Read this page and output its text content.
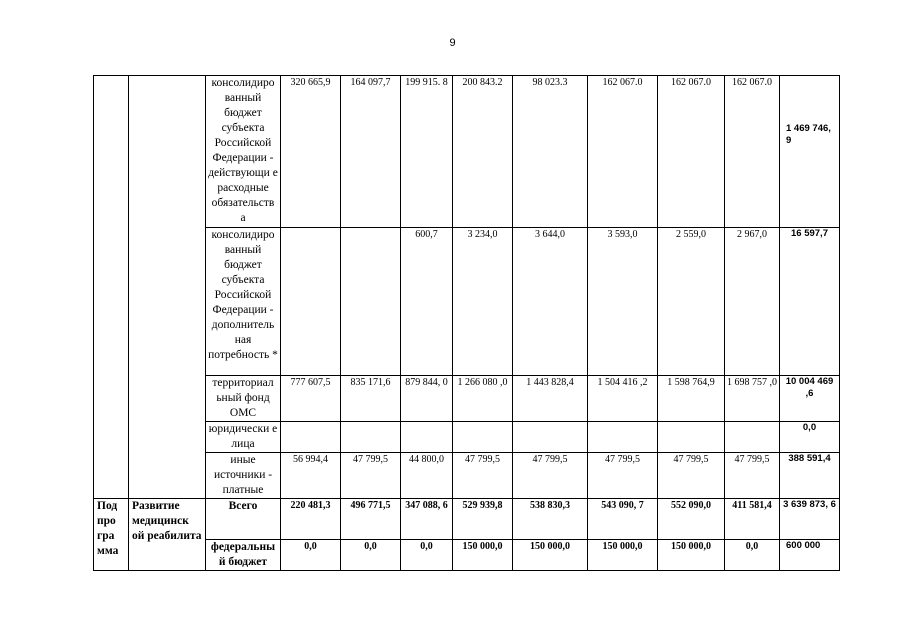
9
		консолидиро ванный бюджет субъекта Российской Федерации - действующи е расходные обязательств а	320 665,9	164 097,7	199 915. 8	200 843.2	98 023.3	162 067.0	162 067.0	162 067.0	1 469 746, 9
		консолидиро ванный бюджет субъекта Российской Федерации - дополнитель ная потребность *			600,7	3 234,0	3 644,0	3 593,0	2 559,0	2 967,0	16 597,7
		территориал ьный фонд ОМС	777 607,5	835 171,6	879 844, 0	1 266 080 ,0	1 443 828,4	1 504 416 ,2	1 598 764,9	1 698 757 ,0	10 004 469 ,6
		юридически е лица									0,0
		иные источники - платные	56 994,4	47 799,5	44 800,0	47 799,5	47 799,5	47 799,5	47 799,5	47 799,5	388 591,4
Под про гра мма	Развитие медицинск ой реабилита	Всего	220 481,3	496 771,5	347 088, 6	529 939,8	538 830,3	543 090, 7	552 090,0	411 581,4	3 639 873, 6
		федеральны й бюджет	0,0	0,0	0,0	150 000,0	150 000,0	150 000,0	150 000,0	0,0	600 000
